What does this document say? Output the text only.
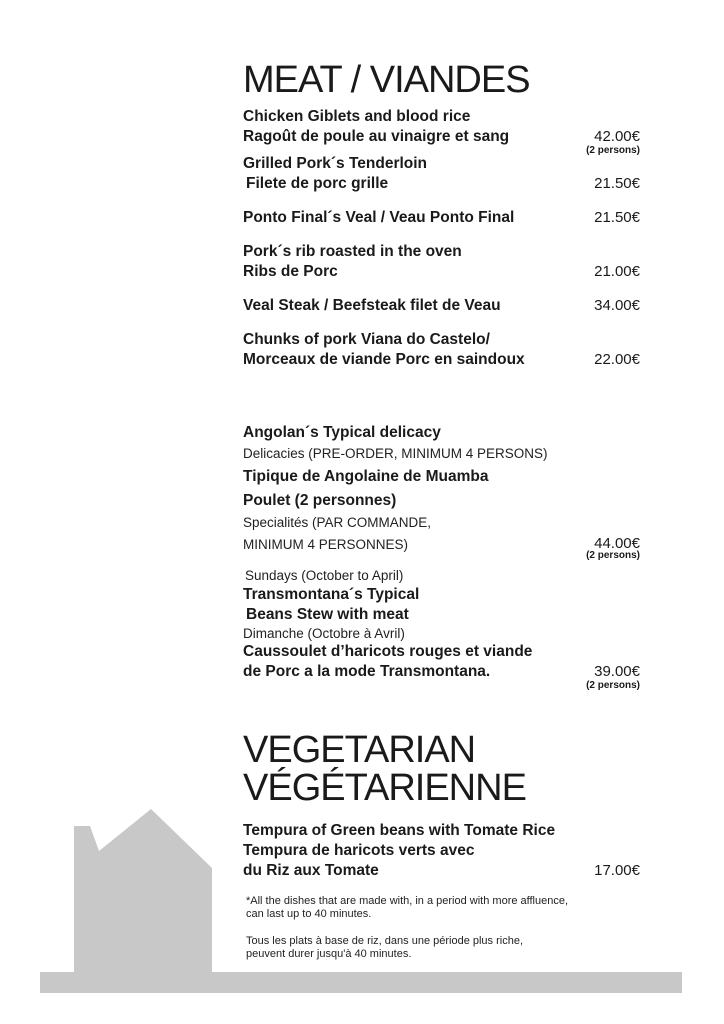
MEAT / VIANDES
Chicken Giblets and blood rice
Ragoût de poule au vinaigre et sang	42.00€
(2 persons)
Grilled Pork´s Tenderloin
Filete de porc grille	21.50€
Ponto Final´s Veal / Veau Ponto Final	21.50€
Pork´s rib roasted in the oven
Ribs de Porc	21.00€
Veal Steak / Beefsteak filet de Veau	34.00€
Chunks of pork Viana do Castelo/
Morceaux de viande Porc en saindoux	22.00€
Angolan´s Typical delicacy
Delicacies (PRE-ORDER, MINIMUM 4 PERSONS)
Tipique de Angolaine de Muamba
Poulet (2 personnes)
Specialités (PAR COMMANDE,
MINIMUM 4 PERSONNES)	44.00€
(2 persons)
Sundays (October to April)
Transmontana´s Typical
Beans Stew with meat
Dimanche (Octobre à Avril)
Caussoulet d’haricots rouges et viande
de Porc a la mode Transmontana.	39.00€
(2 persons)
VEGETARIAN
VÉGÉTARIENNE
Tempura of Green beans with Tomate Rice
Tempura de haricots verts avec
du Riz aux Tomate	17.00€
*All the dishes that are made with, in a period with more affluence,
can last up to 40 minutes.
Tous les plats à base de riz, dans une période plus riche,
peuvent durer jusqu'à 40 minutes.
